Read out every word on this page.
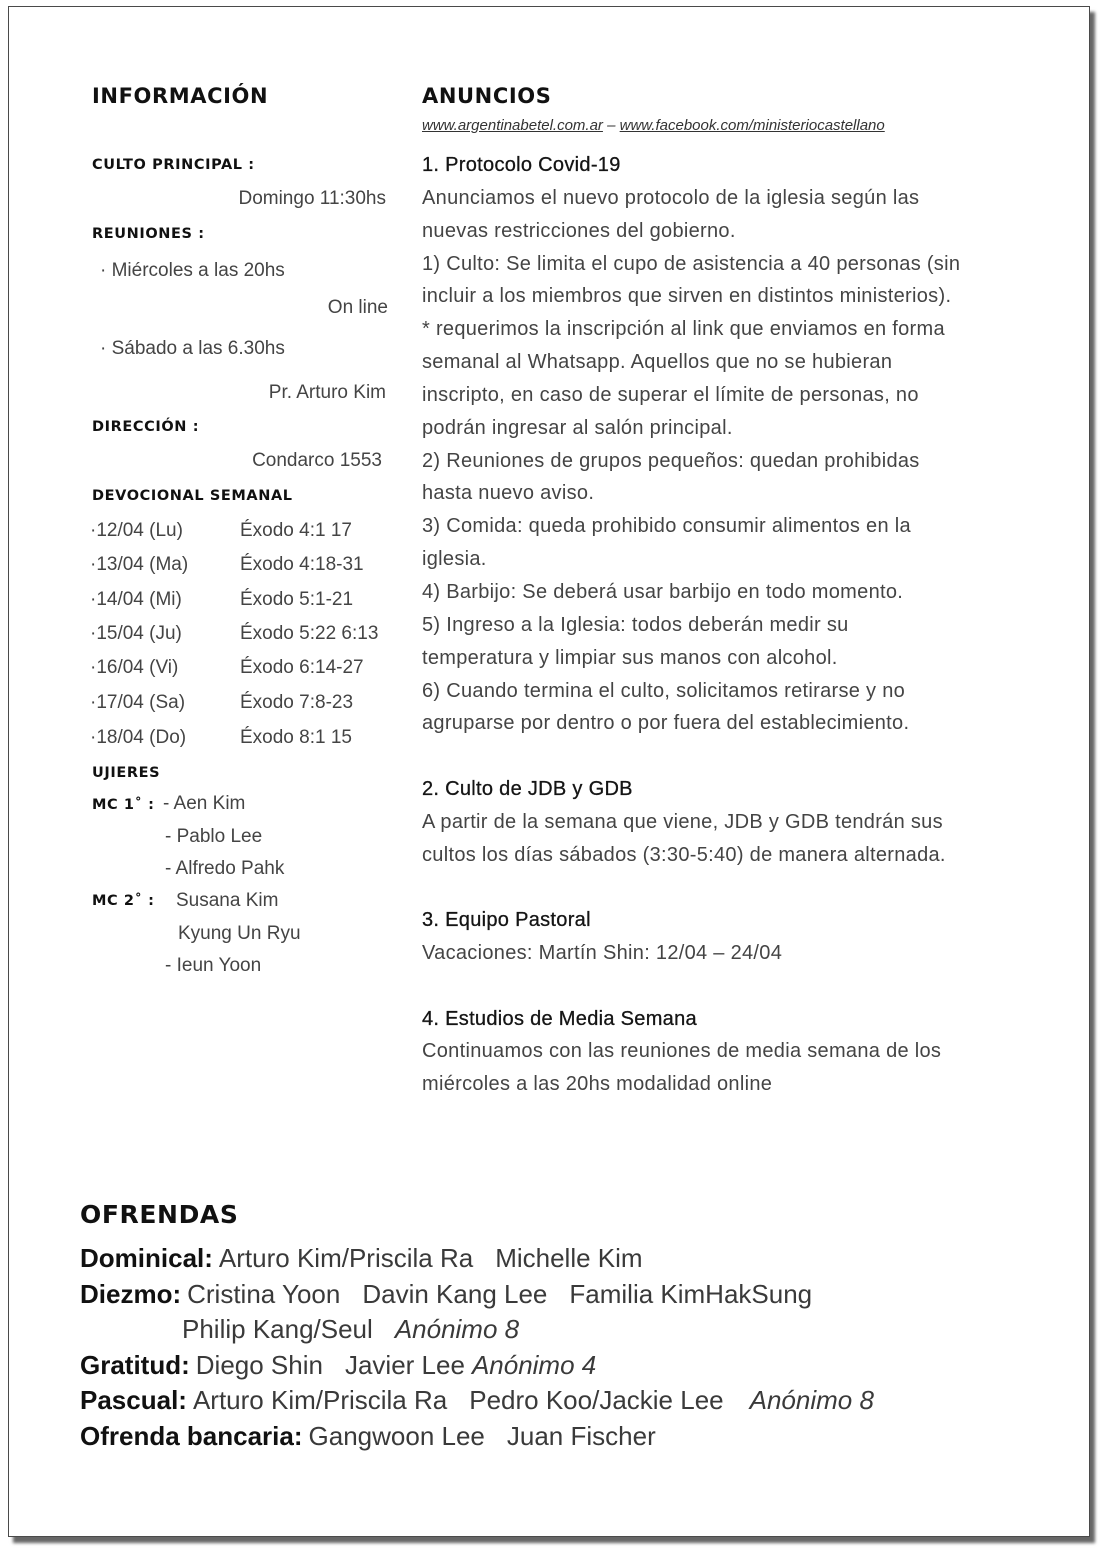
INFORMACIÓN
CULTO PRINCIPAL :
Domingo 11:30hs
REUNIONES :
· Miércoles a las 20hs
On line
· Sábado a las 6.30hs
Pr. Arturo Kim
DIRECCIÓN :
Condarco 1553
DEVOCIONAL SEMANAL
·12/04 (Lu)	Éxodo 4:1 17
·13/04 (Ma)	Éxodo 4:18-31
·14/04 (Mi)	Éxodo 5:1-21
·15/04 (Ju)	Éxodo 5:22 6:13
·16/04 (Vi)	Éxodo 6:14-27
·17/04 (Sa)	Éxodo 7:8-23
·18/04 (Do)	Éxodo 8:1 15
UJIERES
MC 1˚ : - Aen Kim
- Pablo Lee
- Alfredo Pahk
MC 2˚ : Susana Kim
Kyung Un Ryu
- Ieun Yoon
ANUNCIOS
www.argentinabetel.com.ar – www.facebook.com/ministeriocastellano
1. Protocolo Covid-19
Anunciamos el nuevo protocolo de la iglesia según las
nuevas restricciones del gobierno.
1) Culto: Se limita el cupo de asistencia a 40 personas (sin
incluir a los miembros que sirven en distintos ministerios).
* requerimos la inscripción al link que enviamos en forma
semanal al Whatsapp. Aquellos que no se hubieran
inscripto, en caso de superar el límite de personas, no
podrán ingresar al salón principal.
2) Reuniones de grupos pequeños: quedan prohibidas
hasta nuevo aviso.
3) Comida: queda prohibido consumir alimentos en la
iglesia.
4) Barbijo: Se deberá usar barbijo en todo momento.
5) Ingreso a la Iglesia: todos deberán medir su
temperatura y limpiar sus manos con alcohol.
6) Cuando termina el culto, solicitamos retirarse y no
agruparse por dentro o por fuera del establecimiento.
2. Culto de JDB y GDB
A partir de la semana que viene, JDB y GDB tendrán sus
cultos los días sábados (3:30-5:40) de manera alternada.
3. Equipo Pastoral
Vacaciones: Martín Shin: 12/04 – 24/04
4. Estudios de Media Semana
Continuamos con las reuniones de media semana de los
miércoles a las 20hs modalidad online
OFRENDAS
Dominical: Arturo Kim/Priscila Ra Michelle Kim
Diezmo: Cristina Yoon Davin Kang Lee Familia KimHakSung
Philip Kang/Seul Anónimo 8
Gratitud: Diego Shin Javier Lee Anónimo 4
Pascual: Arturo Kim/Priscila Ra Pedro Koo/Jackie Lee Anónimo 8
Ofrenda bancaria: Gangwoon Lee Juan Fischer
